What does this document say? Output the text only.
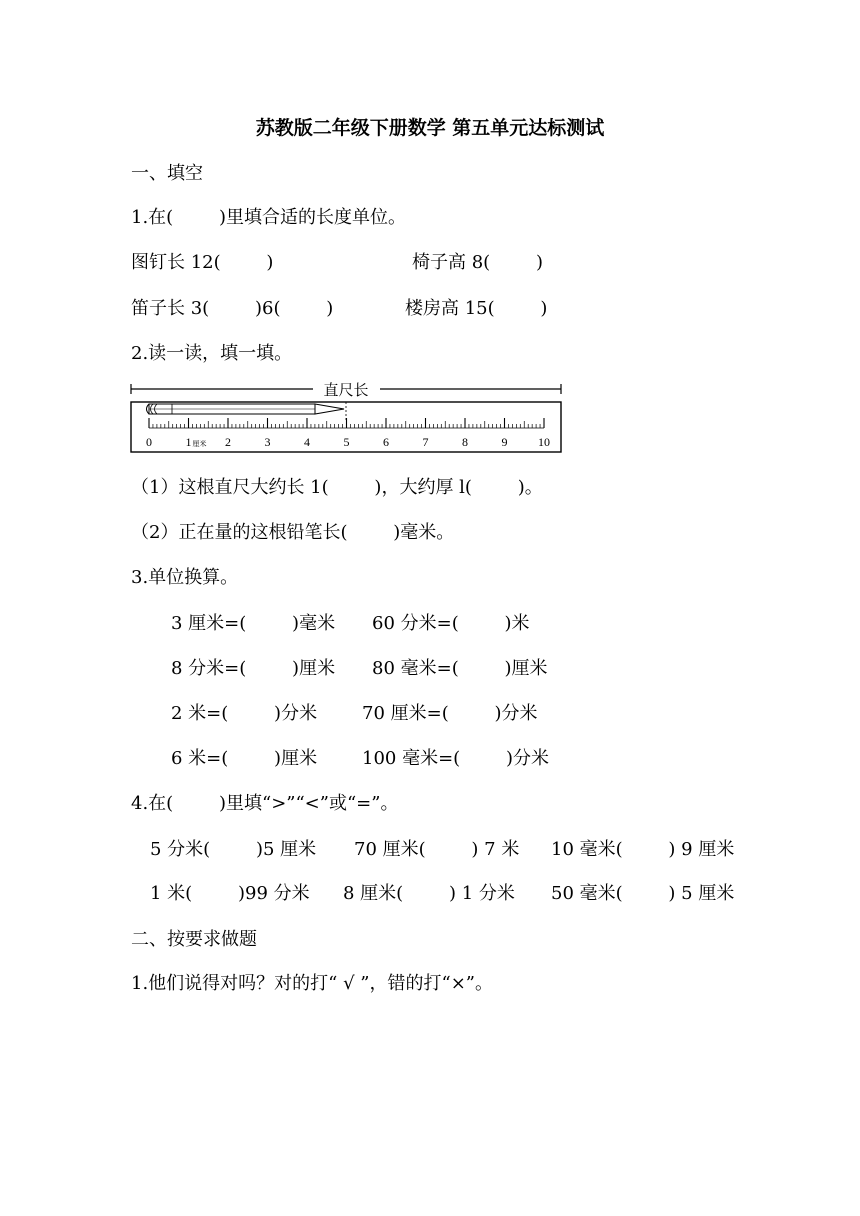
苏教版二年级下册数学 第五单元达标测试
一、填空
1.在(        )里填合适的长度单位。
图钉长 12(        )	椅子高 8(        )
笛子长 3(        )6(        )	楼房高 15(        )
2.读一读，填一填。
直尺长
0	1	2	3	4	5	6	7	8	9	10
厘米
（1）这根直尺大约长 1(        )，大约厚 l(        )。
（2）正在量的这根铅笔长(        )毫米。
3.单位换算。
3 厘米=(        )毫米 60 分米=(        )米
8 分米=(        )厘米 80 毫米=(        )厘米
2 米=(        )分米 70 厘米=(        )分米
6 米=(        )厘米 100 毫米=(        )分米
4.在(        )里填“>”“<”或“=”。
5 分米(        )5 厘米 70 厘米(        ) 7 米 10 毫米(        ) 9 厘米
1 米(        )99 分米 8 厘米(        ) 1 分米 50 毫米(        ) 5 厘米
二、按要求做题
1.他们说得对吗？对的打“ √ ”，错的打“×”。
